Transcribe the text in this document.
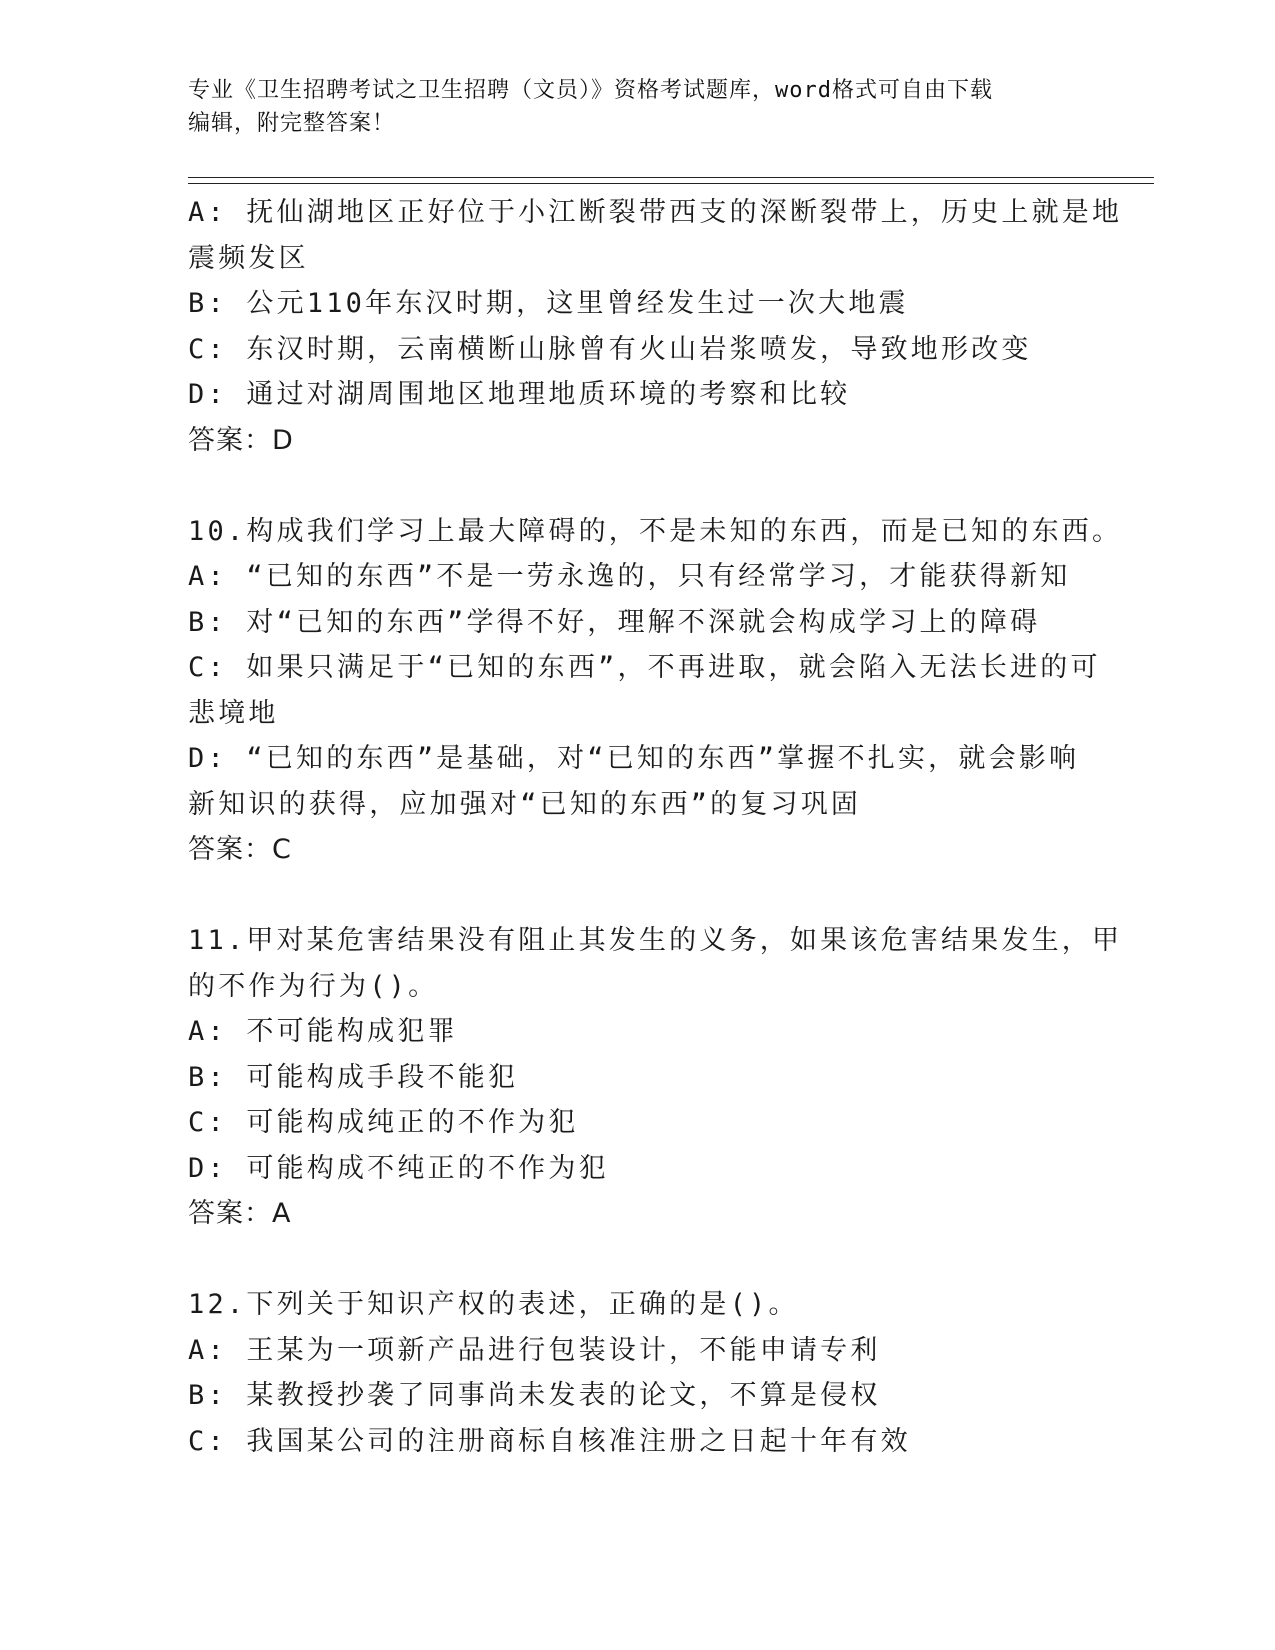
专业《卫生招聘考试之卫生招聘（文员）》资格考试题库，word格式可自由下载
编辑，附完整答案！
A: 抚仙湖地区正好位于小江断裂带西支的深断裂带上，历史上就是地
震频发区
B: 公元110年东汉时期，这里曾经发生过一次大地震
C: 东汉时期，云南横断山脉曾有火山岩浆喷发，导致地形改变
D: 通过对湖周围地区地理地质环境的考察和比较
答案：D
10.构成我们学习上最大障碍的，不是未知的东西，而是已知的东西。
A: “已知的东西”不是一劳永逸的，只有经常学习，才能获得新知
B: 对“已知的东西”学得不好，理解不深就会构成学习上的障碍
C: 如果只满足于“已知的东西”，不再进取，就会陷入无法长进的可
悲境地
D: “已知的东西”是基础，对“已知的东西”掌握不扎实，就会影响
新知识的获得，应加强对“已知的东西”的复习巩固
答案：C
11.甲对某危害结果没有阻止其发生的义务，如果该危害结果发生，甲
的不作为行为()。
A: 不可能构成犯罪
B: 可能构成手段不能犯
C: 可能构成纯正的不作为犯
D: 可能构成不纯正的不作为犯
答案：A
12.下列关于知识产权的表述，正确的是()。
A: 王某为一项新产品进行包装设计，不能申请专利
B: 某教授抄袭了同事尚未发表的论文，不算是侵权
C: 我国某公司的注册商标自核准注册之日起十年有效
